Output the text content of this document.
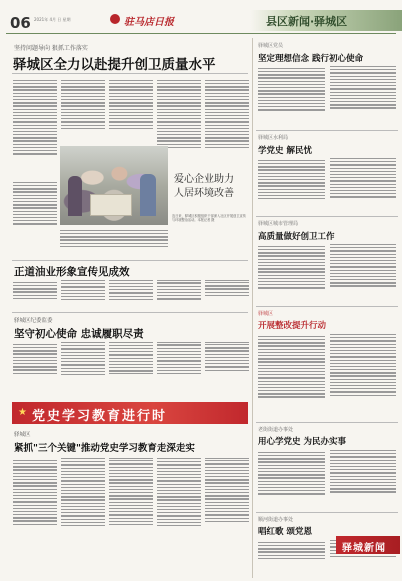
06 2021年 4月 日 星期	驻马店日报	县区新闻·驿城区
坚持问题导向 狠抓工作落实
驿城区全力以赴提升创卫质量水平
爱心企业助力
人居环境改善
连日来，驿城区积极组织干部深入社区开展创卫宣传与环境整治活动。本报记者 摄
正道油业形象宣传见成效
驿城区纪委监委
坚守初心使命 忠诚履职尽责
党史学习教育进行时
★
驿城区
紧抓"三个关键"推动党史学习教育走深走实
驿城区党员
坚定理想信念 践行初心使命
驿城区水利局
学党史 解民忧
驿城区城市管理局
高质量做好创卫工作
驿城区
开展整改提升行动
老街街道办事处
用心学党史 为民办实事
顺河街道办事处
唱红歌 颂党恩
驿城新闻
